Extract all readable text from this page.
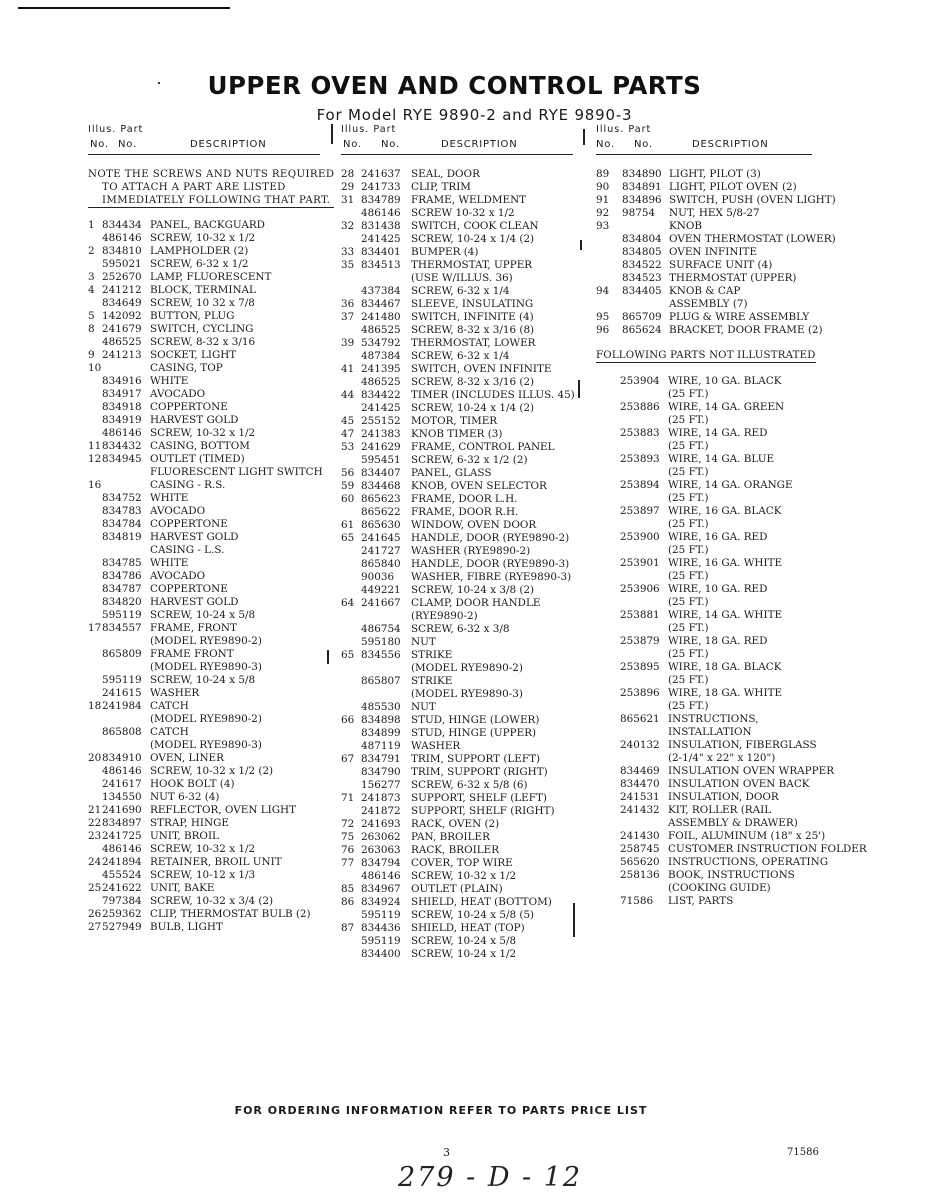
UPPER OVEN AND CONTROL PARTS
For Model RYE 9890-2 and RYE 9890-3
Illus. Part
No. No.	DESCRIPTION
NOTE THE SCREWS AND NUTS REQUIRED
TO ATTACH A PART ARE LISTED
IMMEDIATELY FOLLOWING THAT PART.
1 834434 PANEL, BACKGUARD
486146 SCREW, 10-32 x 1/2
2 834810 LAMPHOLDER (2)
595021 SCREW, 6-32 x 1/2
3 252670 LAMP, FLUORESCENT
4 241212 BLOCK, TERMINAL
834649 SCREW, 10 32 x 7/8
5 142092 BUTTON, PLUG
8 241679 SWITCH, CYCLING
486525 SCREW, 8-32 x 3/16
9 241213 SOCKET, LIGHT
10	CASING, TOP
834916 WHITE
834917 AVOCADO
834918 COPPERTONE
834919 HARVEST GOLD
486146 SCREW, 10-32 x 1/2
11 834432 CASING, BOTTOM
12 834945 OUTLET (TIMED)
FLUORESCENT LIGHT SWITCH
16	CASING - R.S.
834752 WHITE
834783 AVOCADO
834784 COPPERTONE
834819 HARVEST GOLD
CASING - L.S.
834785 WHITE
834786 AVOCADO
834787 COPPERTONE
834820 HARVEST GOLD
595119 SCREW, 10-24 x 5/8
17 834557 FRAME, FRONT
(MODEL RYE9890-2)
865809 FRAME FRONT
(MODEL RYE9890-3)
595119 SCREW, 10-24 x 5/8
241615 WASHER
18 241984 CATCH
(MODEL RYE9890-2)
865808 CATCH
(MODEL RYE9890-3)
20 834910 OVEN, LINER
486146 SCREW, 10-32 x 1/2 (2)
241617 HOOK BOLT (4)
134550 NUT 6-32 (4)
21 241690 REFLECTOR, OVEN LIGHT
22 834897 STRAP, HINGE
23 241725 UNIT, BROIL
486146 SCREW, 10-32 x 1/2
24 241894 RETAINER, BROIL UNIT
455524 SCREW, 10-12 x 1/3
25 241622 UNIT, BAKE
797384 SCREW, 10-32 x 3/4 (2)
26 259362 CLIP, THERMOSTAT BULB (2)
27 527949 BULB, LIGHT
Illus. Part
No. No.	DESCRIPTION
28 241637 SEAL, DOOR
29 241733 CLIP, TRIM
31 834789 FRAME, WELDMENT
486146 SCREW 10-32 x 1/2
32 831438 SWITCH, COOK CLEAN
241425 SCREW, 10-24 x 1/4 (2)
33 834401 BUMPER (4)
35 834513 THERMOSTAT, UPPER
(USE W/ILLUS. 36)
437384 SCREW, 6-32 x 1/4
36 834467 SLEEVE, INSULATING
37 241480 SWITCH, INFINITE (4)
486525 SCREW, 8-32 x 3/16 (8)
39 534792 THERMOSTAT, LOWER
487384 SCREW, 6-32 x 1/4
41 241395 SWITCH, OVEN INFINITE
486525 SCREW, 8-32 x 3/16 (2)
44 834422 TIMER (INCLUDES ILLUS. 45)
241425 SCREW, 10-24 x 1/4 (2)
45 255152 MOTOR, TIMER
47 241383 KNOB TIMER (3)
53 241629 FRAME, CONTROL PANEL
595451 SCREW, 6-32 x 1/2 (2)
56 834407 PANEL, GLASS
59 834468 KNOB, OVEN SELECTOR
60 865623 FRAME, DOOR L.H.
865622 FRAME, DOOR R.H.
61 865630 WINDOW, OVEN DOOR
65 241645 HANDLE, DOOR (RYE9890-2)
241727 WASHER (RYE9890-2)
865840 HANDLE, DOOR (RYE9890-3)
90036 WASHER, FIBRE (RYE9890-3)
449221 SCREW, 10-24 x 3/8 (2)
64 241667 CLAMP, DOOR HANDLE
(RYE9890-2)
486754 SCREW, 6-32 x 3/8
595180 NUT
65 834556 STRIKE
(MODEL RYE9890-2)
865807 STRIKE
(MODEL RYE9890-3)
485530 NUT
66 834898 STUD, HINGE (LOWER)
834899 STUD, HINGE (UPPER)
487119 WASHER
67 834791 TRIM, SUPPORT (LEFT)
834790 TRIM, SUPPORT (RIGHT)
156277 SCREW, 6-32 x 5/8 (6)
71 241873 SUPPORT, SHELF (LEFT)
241872 SUPPORT, SHELF (RIGHT)
72 241693 RACK, OVEN (2)
75 263062 PAN, BROILER
76 263063 RACK, BROILER
77 834794 COVER, TOP WIRE
486146 SCREW, 10-32 x 1/2
85 834967 OUTLET (PLAIN)
86 834924 SHIELD, HEAT (BOTTOM)
595119 SCREW, 10-24 x 5/8 (5)
87 834436 SHIELD, HEAT (TOP)
595119 SCREW, 10-24 x 5/8
834400 SCREW, 10-24 x 1/2
Illus. Part
No. No.	DESCRIPTION
89 834890 LIGHT, PILOT (3)
90 834891 LIGHT, PILOT OVEN (2)
91 834896 SWITCH, PUSH (OVEN LIGHT)
92 98754 NUT, HEX 5/8-27
93	KNOB
834804 OVEN THERMOSTAT (LOWER)
834805 OVEN INFINITE
834522 SURFACE UNIT (4)
834523 THERMOSTAT (UPPER)
94 834405 KNOB & CAP
ASSEMBLY (7)
95 865709 PLUG & WIRE ASSEMBLY
96 865624 BRACKET, DOOR FRAME (2)
FOLLOWING PARTS NOT ILLUSTRATED
253904 WIRE, 10 GA. BLACK
(25 FT.)
253886 WIRE, 14 GA. GREEN
(25 FT.)
253883 WIRE, 14 GA. RED
(25 FT.)
253893 WIRE, 14 GA. BLUE
(25 FT.)
253894 WIRE, 14 GA. ORANGE
(25 FT.)
253897 WIRE, 16 GA. BLACK
(25 FT.)
253900 WIRE, 16 GA. RED
(25 FT.)
253901 WIRE, 16 GA. WHITE
(25 FT.)
253906 WIRE, 10 GA. RED
(25 FT.)
253881 WIRE, 14 GA. WHITE
(25 FT.)
253879 WIRE, 18 GA. RED
(25 FT.)
253895 WIRE, 18 GA. BLACK
(25 FT.)
253896 WIRE, 18 GA. WHITE
(25 FT.)
865621 INSTRUCTIONS,
INSTALLATION
240132 INSULATION, FIBERGLASS
(2-1/4" x 22" x 120")
834469 INSULATION OVEN WRAPPER
834470 INSULATION OVEN BACK
241531 INSULATION, DOOR
241432 KIT, ROLLER (RAIL
ASSEMBLY & DRAWER)
241430 FOIL, ALUMINUM (18" x 25')
258745 CUSTOMER INSTRUCTION FOLDER
565620 INSTRUCTIONS, OPERATING
258136 BOOK, INSTRUCTIONS
(COOKING GUIDE)
71586 LIST, PARTS
FOR ORDERING INFORMATION REFER TO PARTS PRICE LIST
3	71586
279 - D - 12
